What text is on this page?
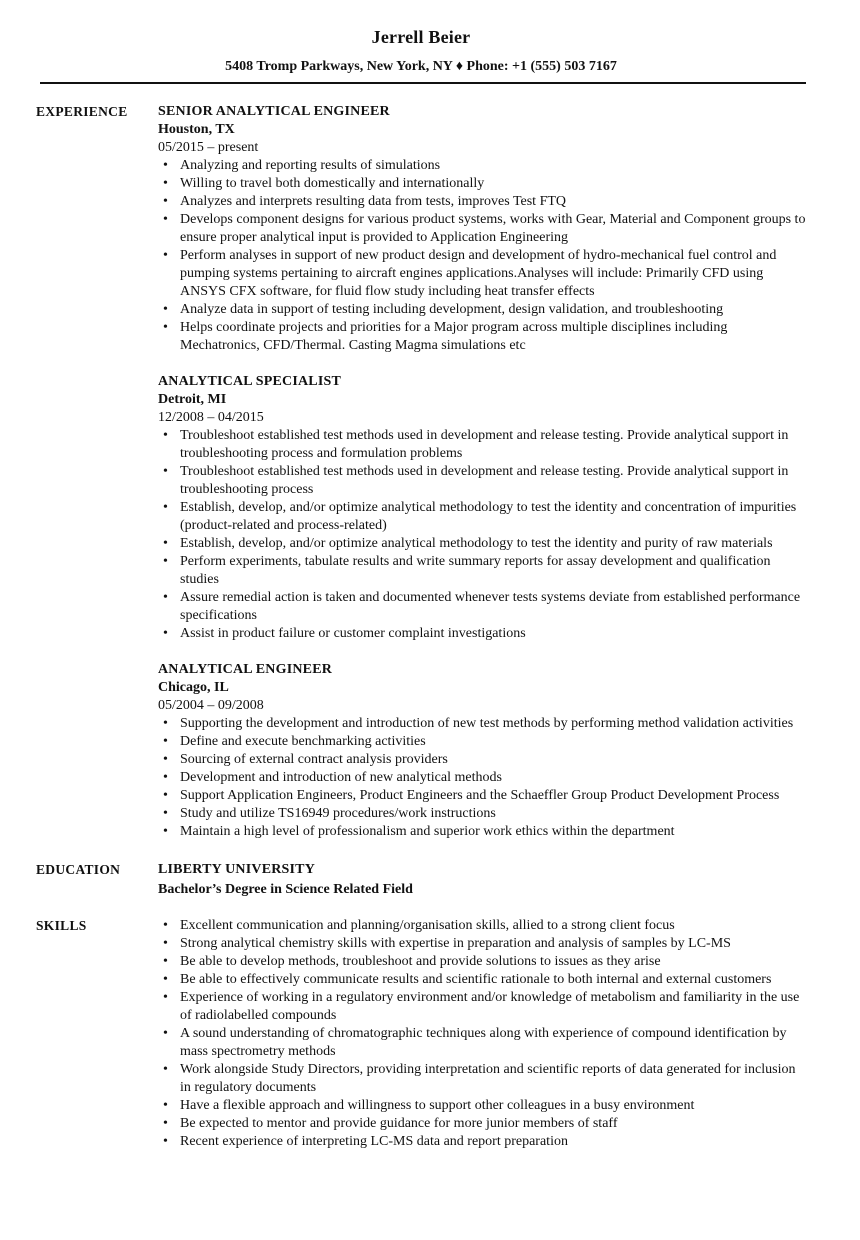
Jerrell Beier
5408 Tromp Parkways, New York, NY ♦ Phone: +1 (555) 503 7167
EXPERIENCE	SENIOR ANALYTICAL ENGINEER
Houston, TX
05/2015 – present
• Analyzing and reporting results of simulations
• Willing to travel both domestically and internationally
• Analyzes and interprets resulting data from tests, improves Test FTQ
• Develops component designs for various product systems, works with Gear, Material and Component groups to ensure proper analytical input is provided to Application Engineering
• Perform analyses in support of new product design and development of hydro-mechanical fuel control and pumping systems pertaining to aircraft engines applications.Analyses will include: Primarily CFD using ANSYS CFX software, for fluid flow study including heat transfer effects
• Analyze data in support of testing including development, design validation, and troubleshooting
• Helps coordinate projects and priorities for a Major program across multiple disciplines including Mechatronics, CFD/Thermal. Casting Magma simulations etc
ANALYTICAL SPECIALIST
Detroit, MI
12/2008 – 04/2015
• Troubleshoot established test methods used in development and release testing. Provide analytical support in troubleshooting process and formulation problems
• Troubleshoot established test methods used in development and release testing. Provide analytical support in troubleshooting process
• Establish, develop, and/or optimize analytical methodology to test the identity and concentration of impurities (product-related and process-related)
• Establish, develop, and/or optimize analytical methodology to test the identity and purity of raw materials
• Perform experiments, tabulate results and write summary reports for assay development and qualification studies
• Assure remedial action is taken and documented whenever tests systems deviate from established performance specifications
• Assist in product failure or customer complaint investigations
ANALYTICAL ENGINEER
Chicago, IL
05/2004 – 09/2008
• Supporting the development and introduction of new test methods by performing method validation activities
• Define and execute benchmarking activities
• Sourcing of external contract analysis providers
• Development and introduction of new analytical methods
• Support Application Engineers, Product Engineers and the Schaeffler Group Product Development Process
• Study and utilize TS16949 procedures/work instructions
• Maintain a high level of professionalism and superior work ethics within the department
EDUCATION	LIBERTY UNIVERSITY
Bachelor’s Degree in Science Related Field
SKILLS
•	Excellent communication and planning/organisation skills, allied to a strong client focus
• Strong analytical chemistry skills with expertise in preparation and analysis of samples by LC-MS
• Be able to develop methods, troubleshoot and provide solutions to issues as they arise
• Be able to effectively communicate results and scientific rationale to both internal and external customers
• Experience of working in a regulatory environment and/or knowledge of metabolism and familiarity in the use of radiolabelled compounds
• A sound understanding of chromatographic techniques along with experience of compound identification by mass spectrometry methods
• Work alongside Study Directors, providing interpretation and scientific reports of data generated for inclusion in regulatory documents
• Have a flexible approach and willingness to support other colleagues in a busy environment
• Be expected to mentor and provide guidance for more junior members of staff
• Recent experience of interpreting LC-MS data and report preparation
